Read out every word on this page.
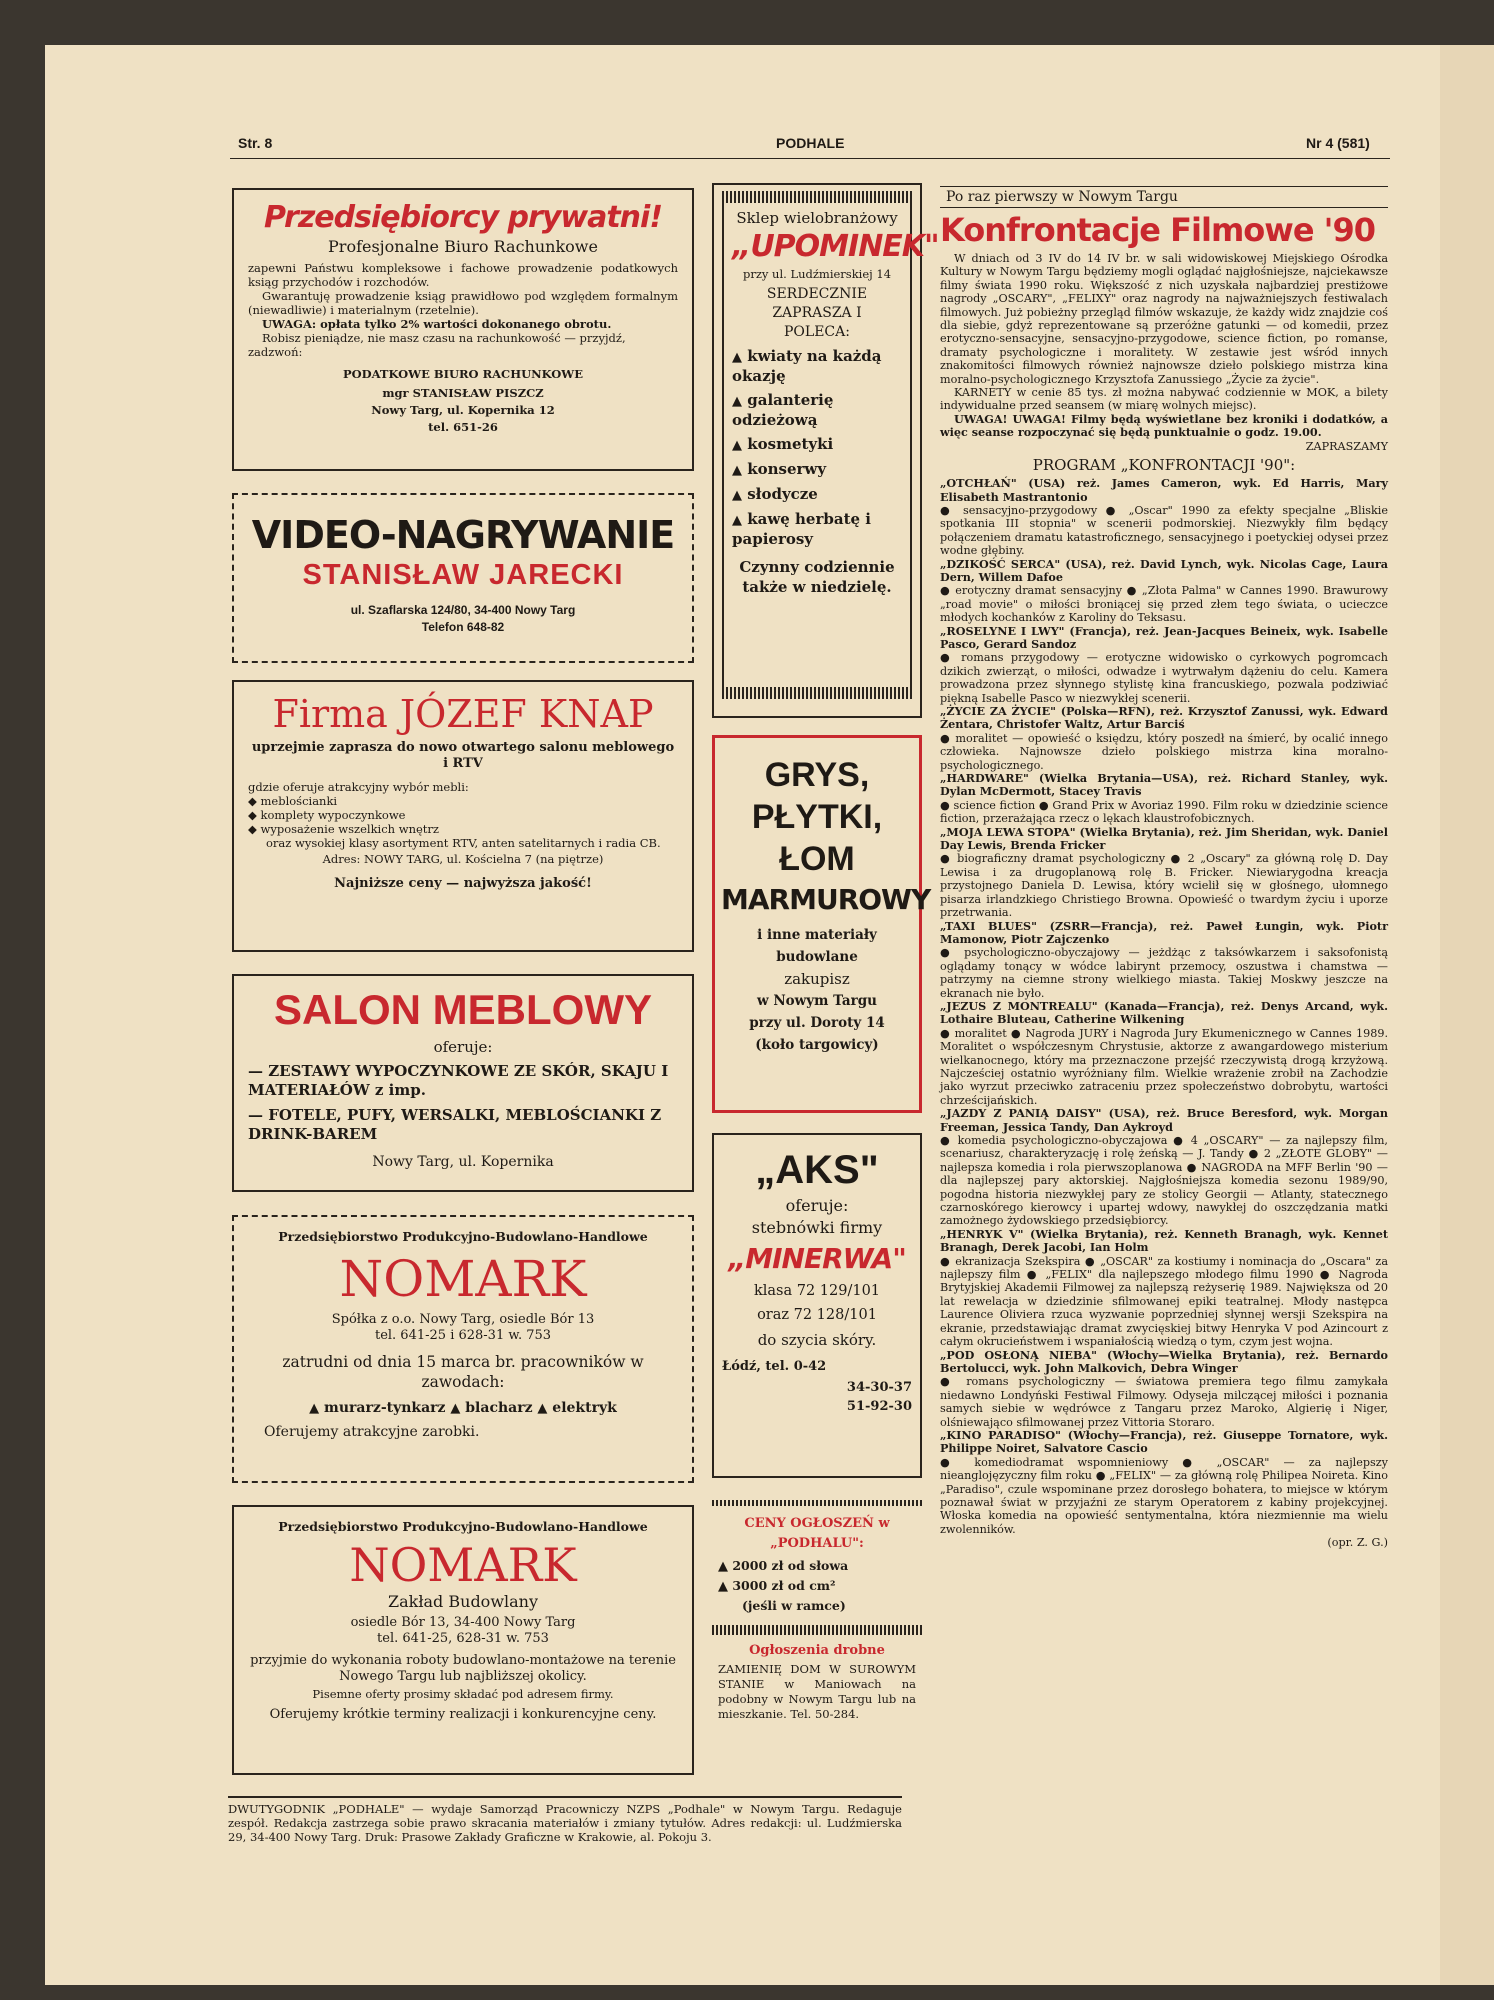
Str. 8	PODHALE	Nr 4 (581)
Przedsiębiorcy prywatni!
Profesjonalne Biuro Rachunkowe

zapewni Państwu kompleksowe i fachowe prowadzenie podatkowych ksiąg przychodów i rozchodów.

Gwarantuję prowadzenie ksiąg prawidłowo pod względem formalnym (niewadliwie) i materialnym (rzetelnie).

UWAGA: opłata tylko 2% wartości dokonanego obrotu.

Robisz pieniądze, nie masz czasu na rachunkowość — przyjdź, zadzwoń:

PODATKOWE BIURO RACHUNKOWE

mgr STANISŁAW PISZCZ

Nowy Targ, ul. Kopernika 12

tel. 651-26

VIDEO-NAGRYWANIE
STANISŁAW JARECKI
ul. Szaflarska 124/80, 34-400 Nowy Targ
Telefon 648-82
Firma JÓZEF KNAP
uprzejmie zaprasza do nowo otwartego salonu meblowego i RTV
gdzie oferuje atrakcyjny wybór mebli:
◆ meblościanki
◆ komplety wypoczynkowe
◆ wyposażenie wszelkich wnętrz
oraz wysokiej klasy asortyment RTV, anten satelitarnych i radia CB.
Adres: NOWY TARG, ul. Kościelna 7 (na piętrze)
Najniższe ceny — najwyższa jakość!
SALON MEBLOWY
oferuje:
— ZESTAWY WYPOCZYNKOWE ZE SKÓR, SKAJU I MATERIAŁÓW z imp.
— FOTELE, PUFY, WERSALKI, MEBLOŚCIANKI Z DRINK-BAREM
Nowy Targ, ul. Kopernika
Przedsiębiorstwo Produkcyjno-Budowlano-Handlowe
NOMARK
Spółka z o.o. Nowy Targ, osiedle Bór 13
tel. 641-25 i 628-31 w. 753
zatrudni od dnia 15 marca br. pracowników w zawodach:
▲ murarz-tynkarz ▲ blacharz ▲ elektryk
Oferujemy atrakcyjne zarobki.
Przedsiębiorstwo Produkcyjno-Budowlano-Handlowe
NOMARK
Zakład Budowlany
osiedle Bór 13, 34-400 Nowy Targ
tel. 641-25, 628-31 w. 753
przyjmie do wykonania roboty budowlano-montażowe na terenie Nowego Targu lub najbliższej okolicy.
Pisemne oferty prosimy składać pod adresem firmy.
Oferujemy krótkie terminy realizacji i konkurencyjne ceny.
DWUTYGODNIK „PODHALE" — wydaje Samorząd Pracowniczy NZPS „Podhale" w Nowym Targu. Redaguje zespół. Redakcja zastrzega sobie prawo skracania materiałów i zmiany tytułów. Adres redakcji: ul. Ludźmierska 29, 34-400 Nowy Targ. Druk: Prasowe Zakłady Graficzne w Krakowie, al. Pokoju 3.
Sklep wielobranżowy
„UPOMINEK"
przy ul. Ludźmierskiej 14
SERDECZNIE ZAPRASZA I POLECA:
▲ kwiaty na każdą okazję
▲ galanterię odzieżową
▲ kosmetyki
▲ konserwy
▲ słodycze
▲ kawę herbatę i papierosy
Czynny codziennie także w niedzielę.
GRYS,
PŁYTKI,
ŁOM
MARMUROWY
i inne materiały
budowlane
zakupisz
w Nowym Targu
przy ul. Doroty 14
(koło targowicy)
„AKS"
oferuje:
stebnówki firmy
„MINERWA"
klasa 72 129/101
oraz 72 128/101
do szycia skóry.
Łódź, tel. 0-42
34-30-37
51-92-30
CENY OGŁOSZEŃ w „PODHALU":
▲ 2000 zł od słowa
▲ 3000 zł od cm²
(jeśli w ramce)
Ogłoszenia drobne
ZAMIENIĘ DOM W SUROWYM STANIE w Maniowach na podobny w Nowym Targu lub na mieszkanie. Tel. 50-284.
Po raz pierwszy w Nowym Targu
Konfrontacje Filmowe '90

W dniach od 3 IV do 14 IV br. w sali widowiskowej Miejskiego Ośrodka Kultury w Nowym Targu będziemy mogli oglądać najgłośniejsze, najciekawsze filmy świata 1990 roku. Większość z nich uzyskała najbardziej prestiżowe nagrody „OSCARY", „FELIXY" oraz nagrody na najważniejszych festiwalach filmowych. Już pobieżny przegląd filmów wskazuje, że każdy widz znajdzie coś dla siebie, gdyż reprezentowane są przeróżne gatunki — od komedii, przez erotyczno-sensacyjne, sensacyjno-przygodowe, science fiction, po romanse, dramaty psychologiczne i moralitety. W zestawie jest wśród innych znakomitości filmowych również najnowsze dzieło polskiego mistrza kina moralno-psychologicznego Krzysztofa Zanussiego „Życie za życie".

KARNETY w cenie 85 tys. zł można nabywać codziennie w MOK, a bilety indywidualne przed seansem (w miarę wolnych miejsc).

UWAGA! UWAGA! Filmy będą wyświetlane bez kroniki i dodatków, a więc seanse rozpoczynać się będą punktualnie o godz. 19.00.

ZAPRASZAMY

PROGRAM „KONFRONTACJI '90":

„OTCHŁAŃ" (USA) reż. James Cameron, wyk. Ed Harris, Mary Elisabeth Mastrantonio

● sensacyjno-przygodowy ● „Oscar" 1990 za efekty specjalne „Bliskie spotkania III stopnia" w scenerii podmorskiej. Niezwykły film będący połączeniem dramatu katastroficznego, sensacyjnego i poetyckiej odysei przez wodne głębiny.

„DZIKOŚĆ SERCA" (USA), reż. David Lynch, wyk. Nicolas Cage, Laura Dern, Willem Dafoe

● erotyczny dramat sensacyjny ● „Złota Palma" w Cannes 1990. Brawurowy „road movie" o miłości broniącej się przed złem tego świata, o ucieczce młodych kochanków z Karoliny do Teksasu.

„ROSELYNE I LWY" (Francja), reż. Jean-Jacques Beineix, wyk. Isabelle Pasco, Gerard Sandoz

● romans przygodowy — erotyczne widowisko o cyrkowych pogromcach dzikich zwierząt, o miłości, odwadze i wytrwałym dążeniu do celu. Kamera prowadzona przez słynnego stylistę kina francuskiego, pozwala podziwiać piękną Isabelle Pasco w niezwykłej scenerii.

„ŻYCIE ZA ŻYCIE" (Polska—RFN), reż. Krzysztof Zanussi, wyk. Edward Żentara, Christofer Waltz, Artur Barciś

● moralitet — opowieść o księdzu, który poszedł na śmierć, by ocalić innego człowieka. Najnowsze dzieło polskiego mistrza kina moralno-psychologicznego.

„HARDWARE" (Wielka Brytania—USA), reż. Richard Stanley, wyk. Dylan McDermott, Stacey Travis

● science fiction ● Grand Prix w Avoriaz 1990. Film roku w dziedzinie science fiction, przerażająca rzecz o lękach klaustrofobicznych.

„MOJA LEWA STOPA" (Wielka Brytania), reż. Jim Sheridan, wyk. Daniel Day Lewis, Brenda Fricker

● biograficzny dramat psychologiczny ● 2 „Oscary" za główną rolę D. Day Lewisa i za drugoplanową rolę B. Fricker. Niewiarygodna kreacja przystojnego Daniela D. Lewisa, który wcielił się w głośnego, ułomnego pisarza irlandzkiego Christiego Browna. Opowieść o twardym życiu i uporze przetrwania.

„TAXI BLUES" (ZSRR—Francja), reż. Paweł Łungin, wyk. Piotr Mamonow, Piotr Zajczenko

● psychologiczno-obyczajowy — jeżdżąc z taksówkarzem i saksofonistą oglądamy tonący w wódce labirynt przemocy, oszustwa i chamstwa — patrzymy na ciemne strony wielkiego miasta. Takiej Moskwy jeszcze na ekranach nie było.

„JEZUS Z MONTREALU" (Kanada—Francja), reż. Denys Arcand, wyk. Lothaire Bluteau, Catherine Wilkening

● moralitet ● Nagroda JURY i Nagroda Jury Ekumenicznego w Cannes 1989. Moralitet o współczesnym Chrystusie, aktorze z awangardowego misterium wielkanocnego, który ma przeznaczone przejść rzeczywistą drogą krzyżową. Najcześciej ostatnio wyróżniany film. Wielkie wrażenie zrobił na Zachodzie jako wyrzut przeciwko zatraceniu przez społeczeństwo dobrobytu, wartości chrześcijańskich.

„JAZDY Z PANIĄ DAISY" (USA), reż. Bruce Beresford, wyk. Morgan Freeman, Jessica Tandy, Dan Aykroyd

● komedia psychologiczno-obyczajowa ● 4 „OSCARY" — za najlepszy film, scenariusz, charakteryzację i rolę żeńską — J. Tandy ● 2 „ZŁOTE GLOBY" — najlepsza komedia i rola pierwszoplanowa ● NAGRODA na MFF Berlin '90 — dla najlepszej pary aktorskiej. Najgłośniejsza komedia sezonu 1989/90, pogodna historia niezwykłej pary ze stolicy Georgii — Atlanty, statecznego czarnoskórego kierowcy i upartej wdowy, nawykłej do oszczędzania matki zamożnego żydowskiego przedsiębiorcy.

„HENRYK V" (Wielka Brytania), reż. Kenneth Branagh, wyk. Kennet Branagh, Derek Jacobi, Ian Holm

● ekranizacja Szekspira ● „OSCAR" za kostiumy i nominacja do „Oscara" za najlepszy film ● „FELIX" dla najlepszego młodego filmu 1990 ● Nagroda Brytyjskiej Akademii Filmowej za najlepszą reżyserię 1989. Największa od 20 lat rewelacja w dziedzinie sfilmowanej epiki teatralnej. Młody następca Laurence Oliviera rzuca wyzwanie poprzedniej słynnej wersji Szekspira na ekranie, przedstawiając dramat zwycięskiej bitwy Henryka V pod Azincourt z całym okrucieństwem i wspaniałością wiedzą o tym, czym jest wojna.

„POD OSŁONĄ NIEBA" (Włochy—Wielka Brytania), reż. Bernardo Bertolucci, wyk. John Malkovich, Debra Winger

● romans psychologiczny — światowa premiera tego filmu zamykała niedawno Londyński Festiwal Filmowy. Odyseja milczącej miłości i poznania samych siebie w wędrówce z Tangaru przez Maroko, Algierię i Niger, olśniewająco sfilmowanej przez Vittoria Storaro.

„KINO PARADISO" (Włochy—Francja), reż. Giuseppe Tornatore, wyk. Philippe Noiret, Salvatore Cascio

● komediodramat wspomnieniowy ● „OSCAR" — za najlepszy nieanglojęzyczny film roku ● „FELIX" — za główną rolę Philipea Noireta. Kino „Paradiso", czule wspominane przez dorosłego bohatera, to miejsce w którym poznawał świat w przyjaźni ze starym Operatorem z kabiny projekcyjnej. Włoska komedia na opowieść sentymentalna, która niezmiennie ma wielu zwolenników.

(opr. Z. G.)
